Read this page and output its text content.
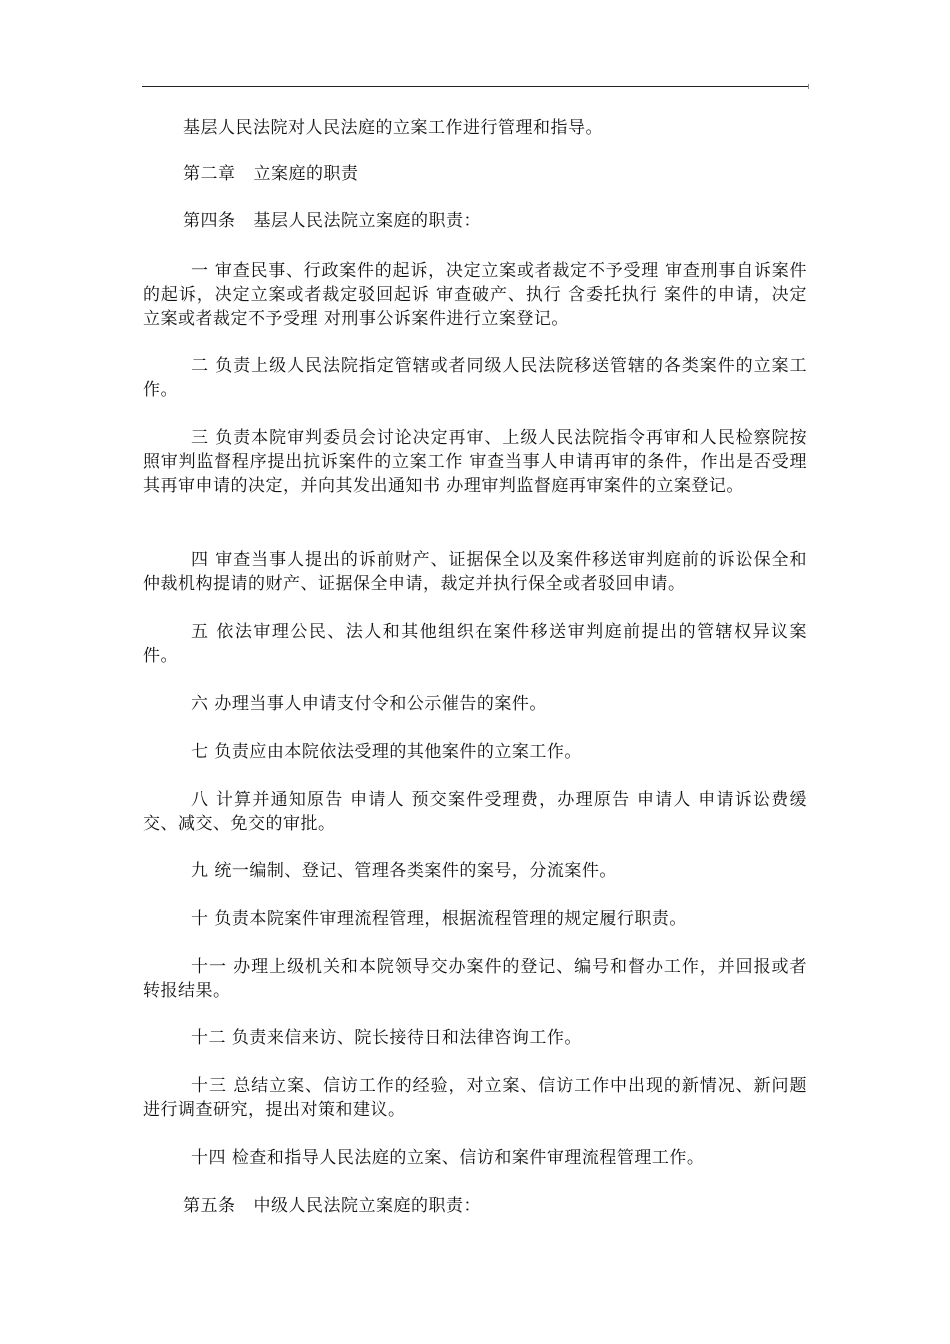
基层人民法院对人民法庭的立案工作进行管理和指导。

第二章 立案庭的职责

第四条 基层人民法院立案庭的职责：

一 审查民事、行政案件的起诉，决定立案或者裁定不予受理 审查刑事自诉案件的起诉，决定立案或者裁定驳回起诉 审查破产、执行 含委托执行 案件的申请，决定立案或者裁定不予受理 对刑事公诉案件进行立案登记。

二 负责上级人民法院指定管辖或者同级人民法院移送管辖的各类案件的立案工作。

三 负责本院审判委员会讨论决定再审、上级人民法院指令再审和人民检察院按照审判监督程序提出抗诉案件的立案工作 审查当事人申请再审的条件，作出是否受理其再审申请的决定，并向其发出通知书 办理审判监督庭再审案件的立案登记。

四 审查当事人提出的诉前财产、证据保全以及案件移送审判庭前的诉讼保全和仲裁机构提请的财产、证据保全申请，裁定并执行保全或者驳回申请。

五 依法审理公民、法人和其他组织在案件移送审判庭前提出的管辖权异议案件。

六 办理当事人申请支付令和公示催告的案件。

七 负责应由本院依法受理的其他案件的立案工作。

八 计算并通知原告 申请人 预交案件受理费，办理原告 申请人 申请诉讼费缓交、减交、免交的审批。

九 统一编制、登记、管理各类案件的案号，分流案件。

十 负责本院案件审理流程管理，根据流程管理的规定履行职责。

十一 办理上级机关和本院领导交办案件的登记、编号和督办工作，并回报或者转报结果。

十二 负责来信来访、院长接待日和法律咨询工作。

十三 总结立案、信访工作的经验，对立案、信访工作中出现的新情况、新问题进行调查研究，提出对策和建议。

十四 检查和指导人民法庭的立案、信访和案件审理流程管理工作。

第五条 中级人民法院立案庭的职责：
